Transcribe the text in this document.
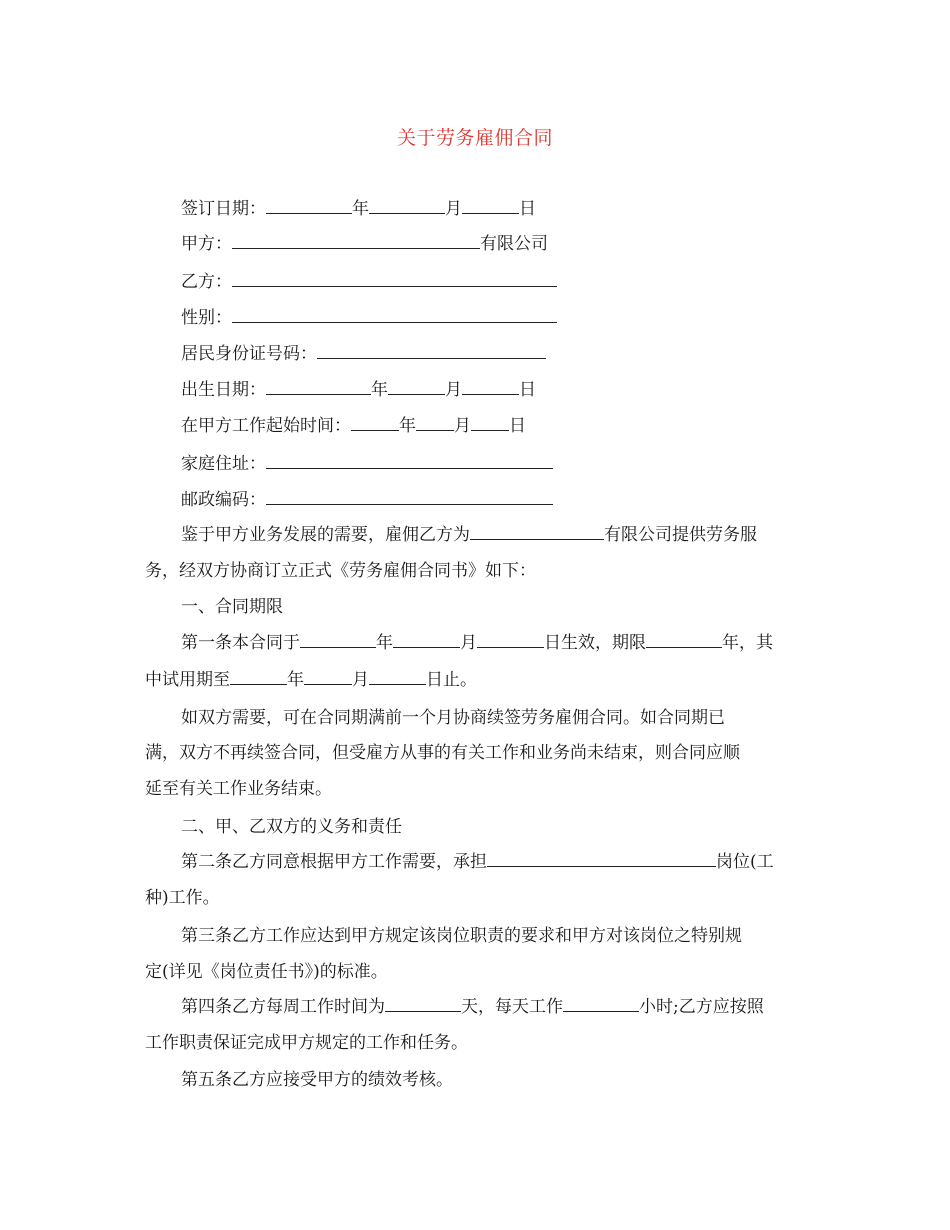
关于劳务雇佣合同
签订日期：	年	月	日
甲方：	有限公司
乙方：
性别：
居民身份证号码：
出生日期：	年	月	日
在甲方工作起始时间：	年 月 日
家庭住址：
邮政编码：
鉴于甲方业务发展的需要，雇佣乙方为	有限公司提供劳务服
务，经双方协商订立正式《劳务雇佣合同书》如下：
一、合同期限
第一条本合同于	年	月	日生效，期限	年，其
中试用期至	年	月	日止。
如双方需要，可在合同期满前一个月协商续签劳务雇佣合同。如合同期已
满，双方不再续签合同，但受雇方从事的有关工作和业务尚未结束，则合同应顺
延至有关工作业务结束。
二、甲、乙双方的义务和责任
第二条乙方同意根据甲方工作需要，承担	岗位(工
种)工作。
第三条乙方工作应达到甲方规定该岗位职责的要求和甲方对该岗位之特别规
定(详见《岗位责任书》)的标准。
第四条乙方每周工作时间为	天，每天工作	小时;乙方应按照
工作职责保证完成甲方规定的工作和任务。
第五条乙方应接受甲方的绩效考核。
